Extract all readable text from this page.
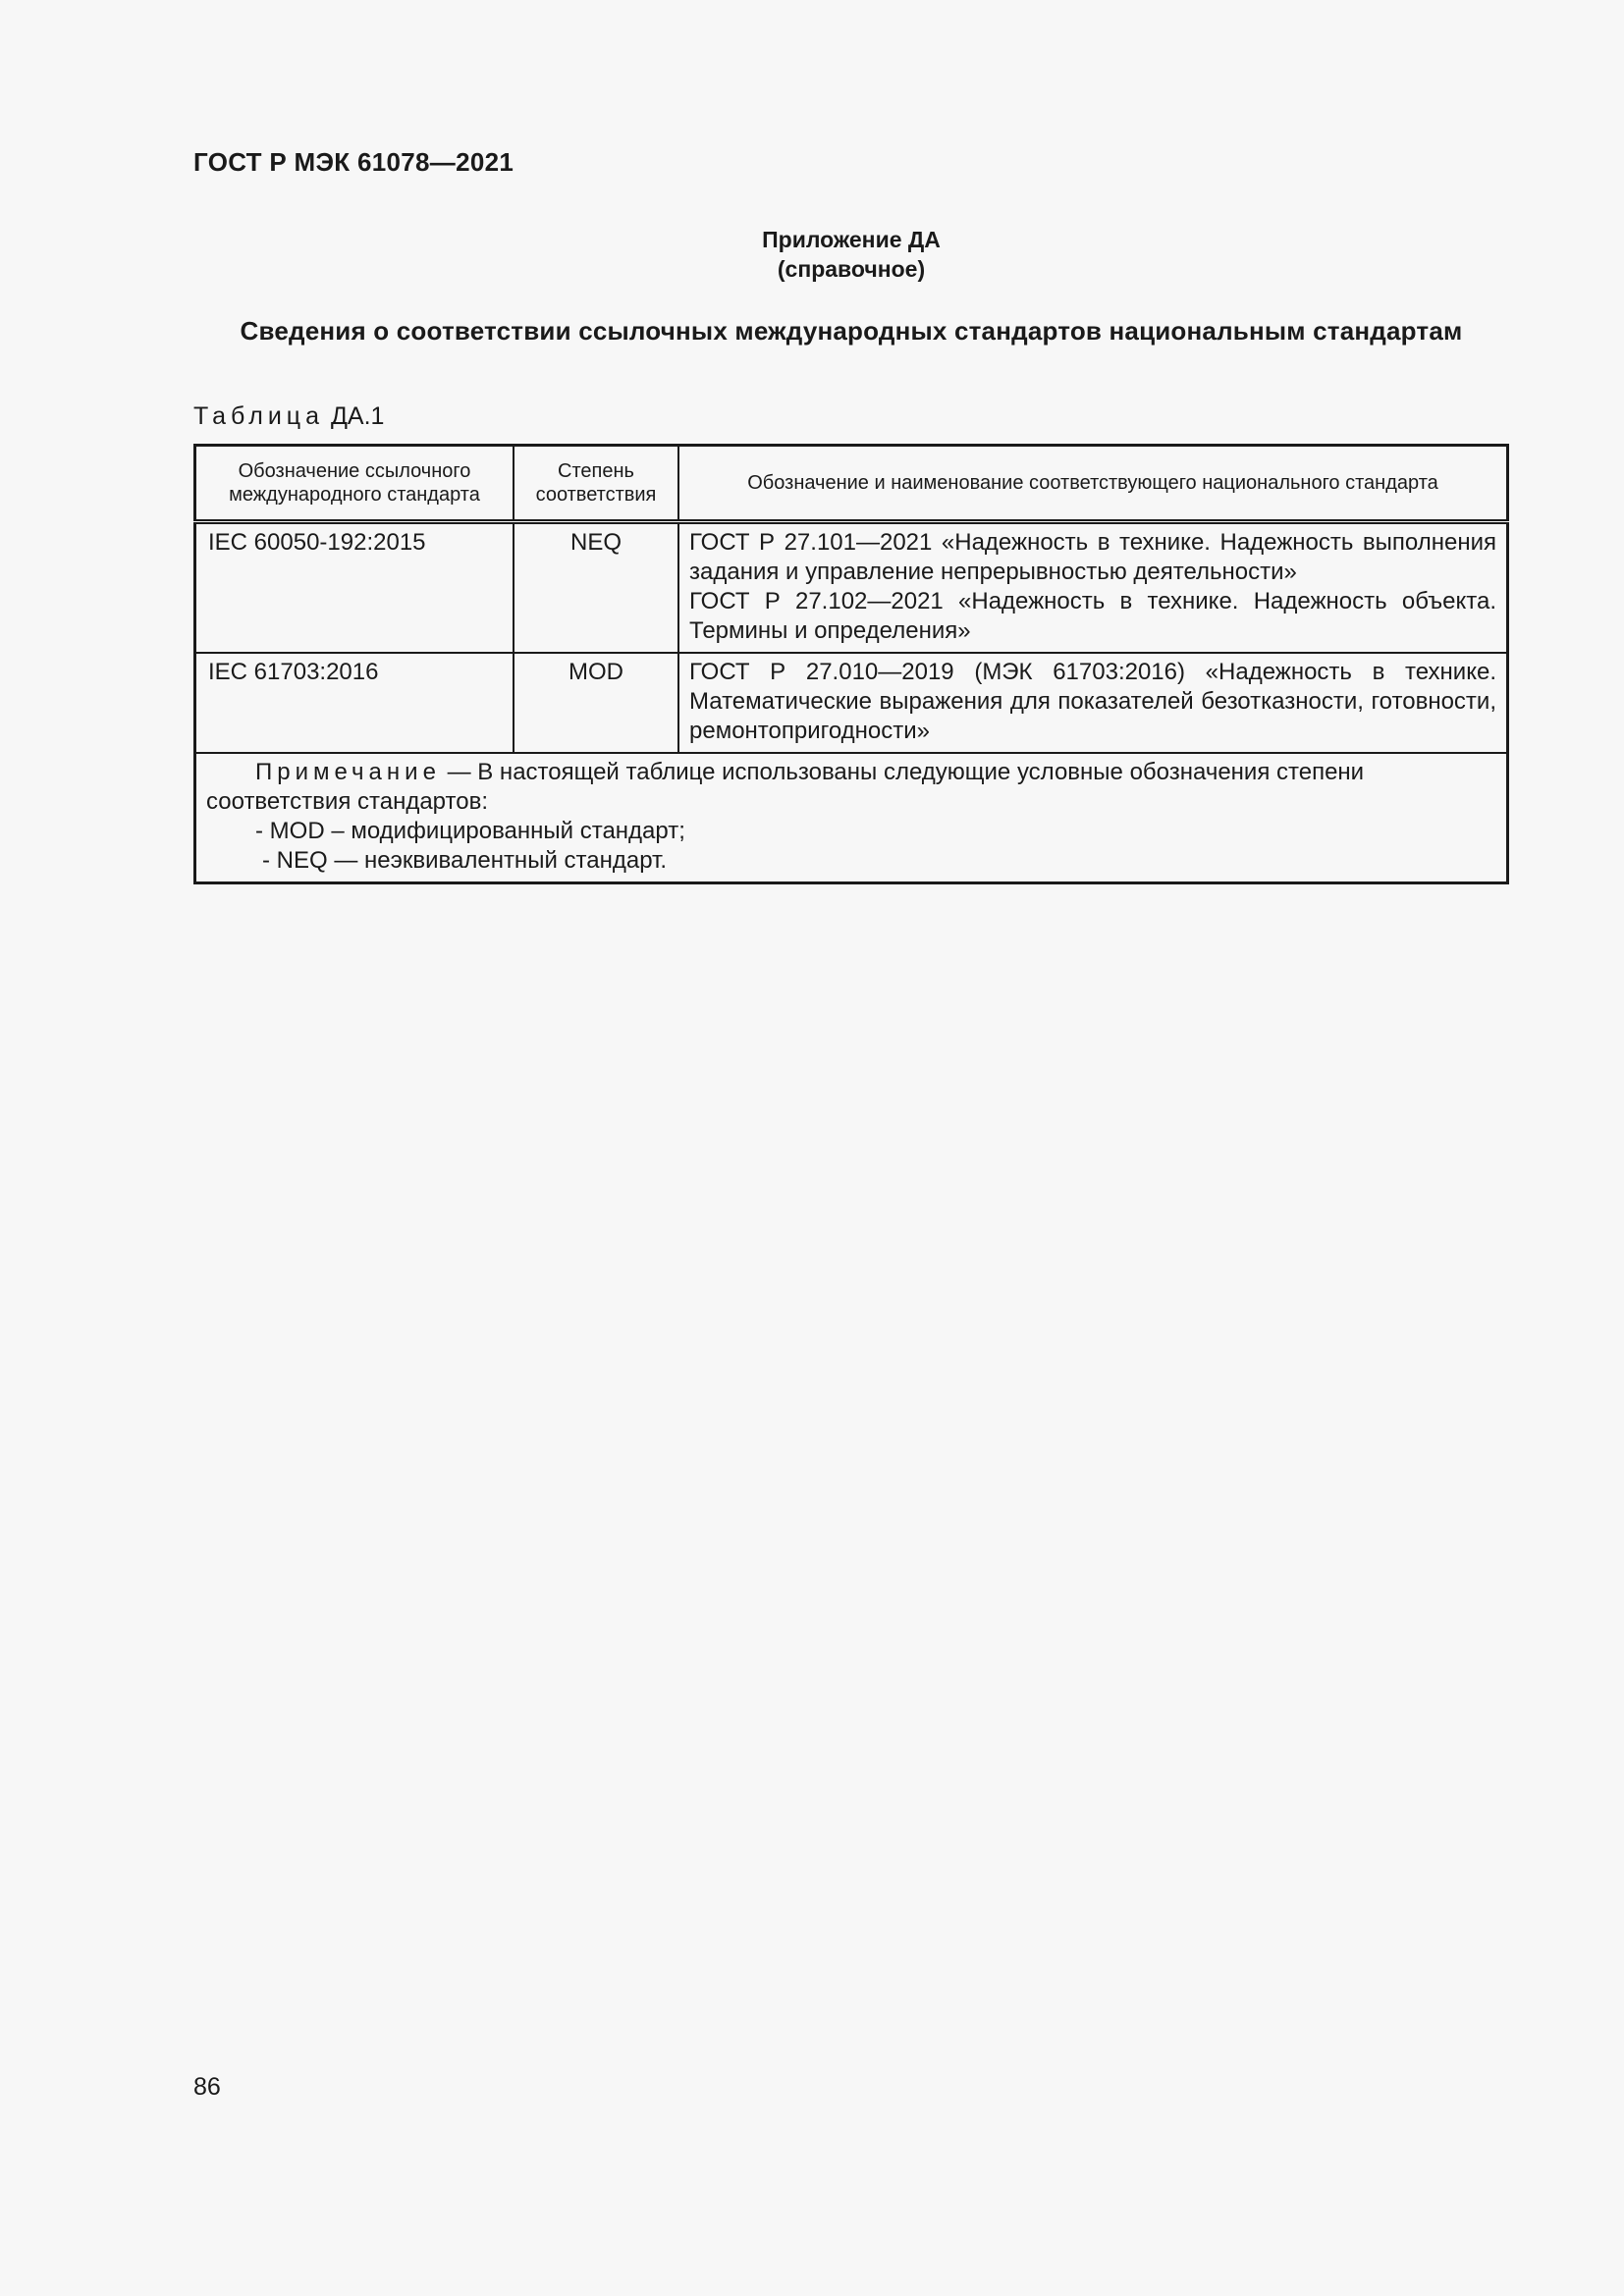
ГОСТ Р МЭК 61078—2021
Приложение ДА
(справочное)
Сведения о соответствии ссылочных международных стандартов национальным стандартам
Таблица ДА.1
Обозначение ссылочного международного стандарта	Степень соответствия	Обозначение и наименование соответствующего национального стандарта
IEC 60050-192:2015	NEQ	ГОСТ Р 27.101—2021 «Надежность в технике. Надежность выполнения задания и управление непрерывностью деятельности»

ГОСТ Р 27.102—2021 «Надежность в технике. Надежность объекта. Термины и определения»

IEC 61703:2016	MOD	ГОСТ Р 27.010—2019 (МЭК 61703:2016) «Надежность в технике. Математические выражения для показателей безотказности, готовности, ремонтопригодности»

Примечание — В настоящей таблице использованы следующие условные обозначения степени соответствия стандартов:
- MOD – модифицированный стандарт;
- NEQ — неэквивалентный стандарт.		
86
